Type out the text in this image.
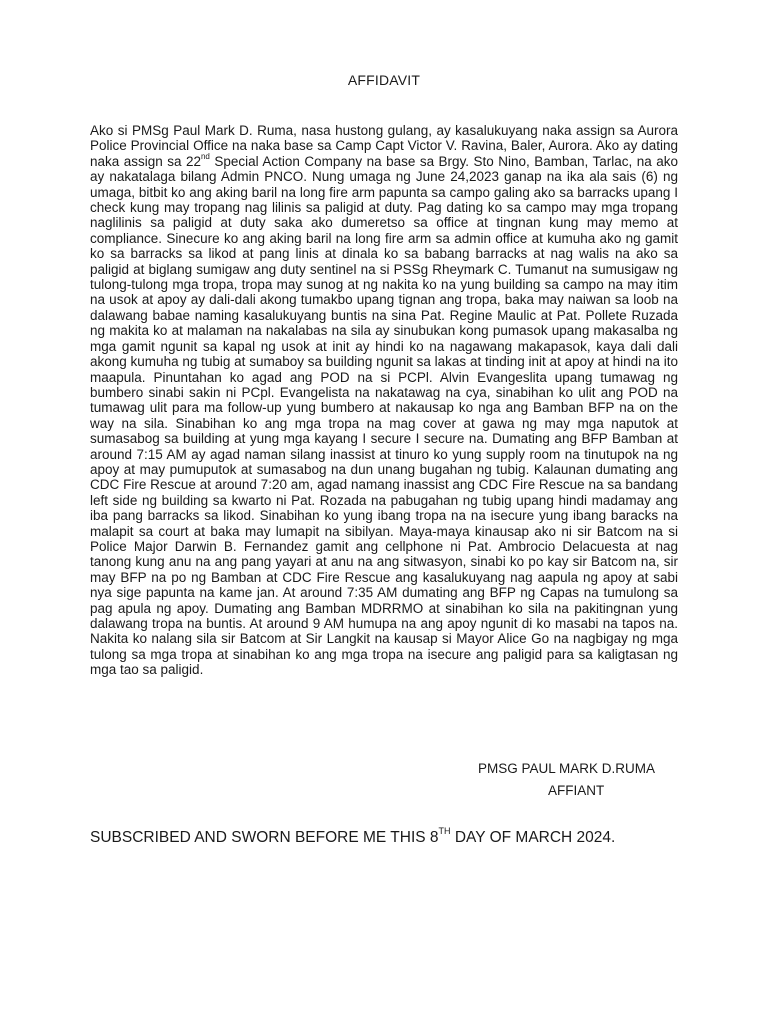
AFFIDAVIT

Ako si PMSg Paul Mark D. Ruma, nasa hustong gulang, ay kasalukuyang naka assign sa Aurora Police Provincial Office na naka base sa Camp Capt Victor V. Ravina, Baler, Aurora. Ako ay dating naka assign sa 22nd Special Action Company na base sa Brgy. Sto Nino, Bamban, Tarlac, na ako ay nakatalaga bilang Admin PNCO. Nung umaga ng June 24,2023 ganap na ika ala sais (6) ng umaga, bitbit ko ang aking baril na long fire arm papunta sa campo galing ako sa barracks upang I check kung may tropang nag lilinis sa paligid at duty. Pag dating ko sa campo may mga tropang naglilinis sa paligid at duty saka ako dumeretso sa office at tingnan kung may memo at compliance. Sinecure ko ang aking baril na long fire arm sa admin office at kumuha ako ng gamit ko sa barracks sa likod at pang linis at dinala ko sa babang barracks at nag walis na ako sa paligid at biglang sumigaw ang duty sentinel na si PSSg Rheymark C. Tumanut na sumusigaw ng tulong-tulong mga tropa, tropa may sunog at ng nakita ko na yung building sa campo na may itim na usok at apoy ay dali-dali akong tumakbo upang tignan ang tropa, baka may naiwan sa loob na dalawang babae naming kasalukuyang buntis na sina Pat. Regine Maulic at Pat. Pollete Ruzada ng makita ko at malaman na nakalabas na sila ay sinubukan kong pumasok upang makasalba ng mga gamit ngunit sa kapal ng usok at init ay hindi ko na nagawang makapasok, kaya dali dali akong kumuha ng tubig at sumaboy sa building ngunit sa lakas at tinding init at apoy at hindi na ito maapula. Pinuntahan ko agad ang POD na si PCPl. Alvin Evangeslita upang tumawag ng bumbero sinabi sakin ni PCpl. Evangelista na nakatawag na cya, sinabihan ko ulit ang POD na tumawag ulit para ma follow-up yung bumbero at nakausap ko nga ang Bamban BFP na on the way na sila. Sinabihan ko ang mga tropa na mag cover at gawa ng may mga naputok at sumasabog sa building at yung mga kayang I secure I secure na. Dumating ang BFP Bamban at around 7:15 AM ay agad naman silang inassist at tinuro ko yung supply room na tinutupok na ng apoy at may pumuputok at sumasabog na dun unang bugahan ng tubig. Kalaunan dumating ang CDC Fire Rescue at around 7:20 am, agad namang inassist ang CDC Fire Rescue na sa bandang left side ng building sa kwarto ni Pat. Rozada na pabugahan ng tubig upang hindi madamay ang iba pang barracks sa likod. Sinabihan ko yung ibang tropa na na isecure yung ibang baracks na malapit sa court at baka may lumapit na sibilyan. Maya-maya kinausap ako ni sir Batcom na si Police Major Darwin B. Fernandez gamit ang cellphone ni Pat. Ambrocio Delacuesta at nag tanong kung anu na ang pang yayari at anu na ang sitwasyon, sinabi ko po kay sir Batcom na, sir may BFP na po ng Bamban at CDC Fire Rescue ang kasalukuyang nag aapula ng apoy at sabi nya sige papunta na kame jan. At around 7:35 AM dumating ang BFP ng Capas na tumulong sa pag apula ng apoy. Dumating ang Bamban MDRRMO at sinabihan ko sila na pakitingnan yung dalawang tropa na buntis. At around 9 AM humupa na ang apoy ngunit di ko masabi na tapos na. Nakita ko nalang sila sir Batcom at Sir Langkit na kausap si Mayor Alice Go na nagbigay ng mga tulong sa mga tropa at sinabihan ko ang mga tropa na isecure ang paligid para sa kaligtasan ng mga tao sa paligid.

PMSG PAUL MARK D.RUMA
AFFIANT

SUBSCRIBED AND SWORN BEFORE ME THIS 8TH DAY OF MARCH 2024.
